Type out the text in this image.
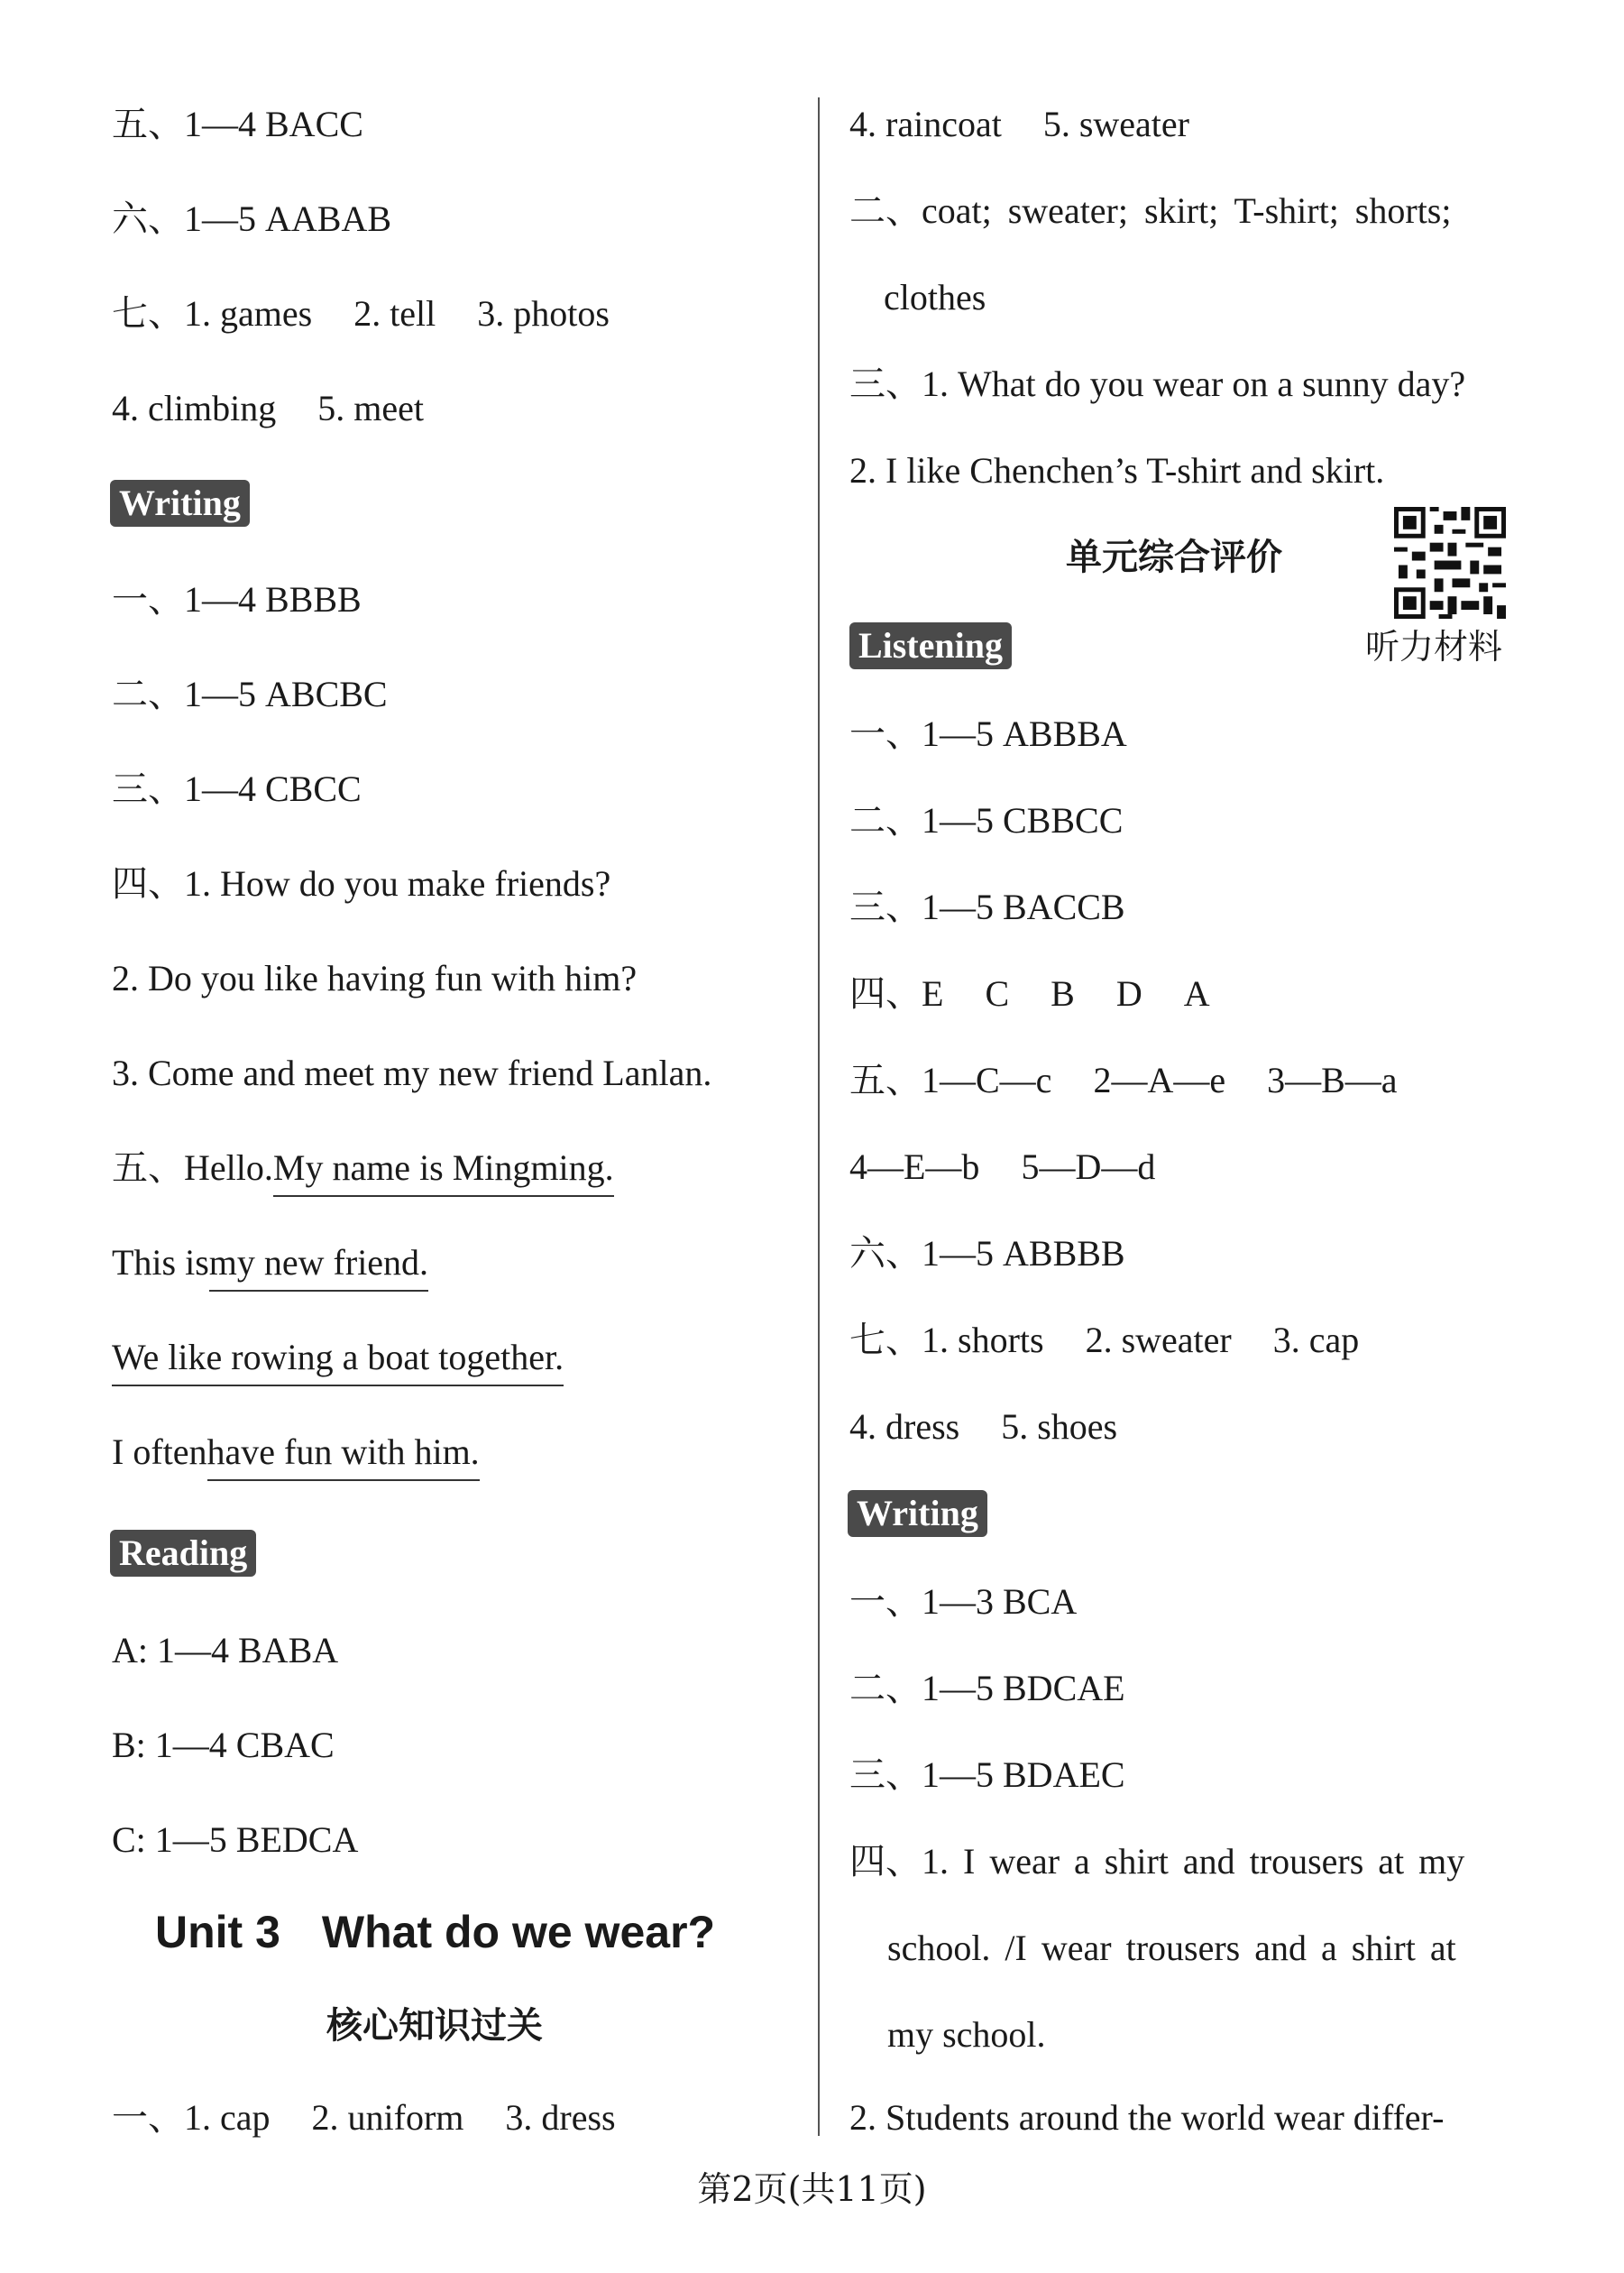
五、1—4 BACC
六、1—5 AABAB
七、1. games 2. tell 3. photos
4. climbing 5. meet
Writing
一、1—4 BBBB
二、1—5 ABCBC
三、1—4 CBCC
四、1. How do you make friends?
2. Do you like having fun with him?
3. Come and meet my new friend Lanlan.
五、Hello.My name is Mingming.
This ismy new friend.
We like rowing a boat together.
I oftenhave fun with him.
Reading
A: 1—4 BABA
B: 1—4 CBAC
C: 1—5 BEDCA
Unit 3 What do we wear?
核心知识过关
一、1. cap 2. uniform 3. dress
4. raincoat 5. sweater
二、coat; sweater; skirt; T-shirt; shorts;
clothes
三、1. What do you wear on a sunny day?
2. I like Chenchen’s T-shirt and skirt.
单元综合评价
听力材料
Listening
一、1—5 ABBBA
二、1—5 CBBCC
三、1—5 BACCB
四、E C B D A
五、1—C—c 2—A—e 3—B—a
4—E—b 5—D—d
六、1—5 ABBBB
七、1. shorts 2. sweater 3. cap
4. dress 5. shoes
Writing
一、1—3 BCA
二、1—5 BDCAE
三、1—5 BDAEC
四、1. I wear a shirt and trousers at my
school. /I wear trousers and a shirt at
my school.
2. Students around the world wear differ-
第2页(共11页)
